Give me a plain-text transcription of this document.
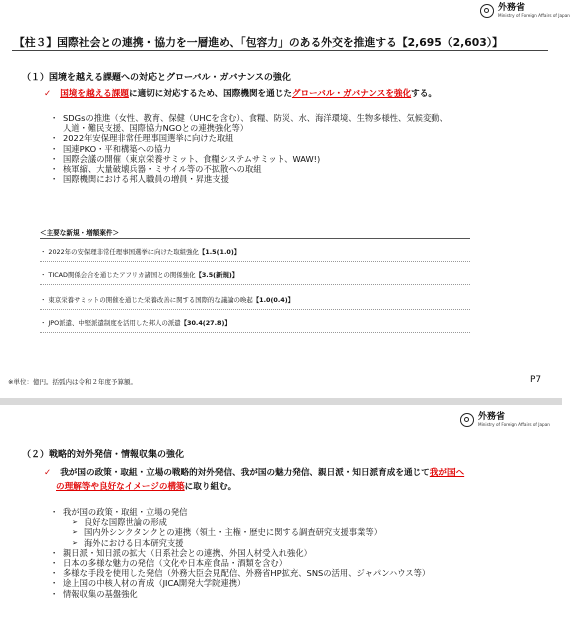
外務省
Ministry of Foreign Affairs of Japan
【柱３】国際社会との連携・協力を一層進め、「包容力」のある外交を推進する【2,695（2,603）】
（１）国境を越える課題への対応とグローバル・ガバナンスの強化
✓ 国境を越える課題に適切に対応するため、国際機関を通じたグローバル・ガバナンスを強化する。
・ SDGsの推進（女性、教育、保健（UHCを含む）、食糧、防災、水、海洋環境、生物多様性、気候変動、
人道・難民支援、国際協力NGOとの連携強化等）
・ 2022年安保理非常任理事国選挙に向けた取組
・ 国連PKO・平和構築への協力
・ 国際会議の開催（東京栄養サミット、食糧システムサミット、WAW!)
・ 核軍縮、大量破壊兵器・ミサイル等の不拡散への取組
・ 国際機関における邦人職員の増員・昇進支援
＜主要な新規・増額案件＞
・ 2022年の安保理非常任理事国選挙に向けた取組強化【1.5(1.0)】
・ TICAD関係会合を通じたアフリカ諸国との関係強化【3.5(新規)】
・ 東京栄養サミットの開催を通じた栄養改善に関する国際的な議論の喚起【1.0(0.4)】
・ JPO派遣、中堅派遣制度を活用した邦人の派遣【30.4(27.8)】
※単位：億円。括弧内は令和２年度予算額。	P7
外務省
Ministry of Foreign Affairs of Japan
（２）戦略的対外発信・情報収集の強化
✓ 我が国の政策・取組・立場の戦略的対外発信、我が国の魅力発信、親日派・知日派育成を通じて我が国へ
の理解等や良好なイメージの構築に取り組む。
・ 我が国の政策・取組・立場の発信
➢ 良好な国際世論の形成
➢ 国内外シンクタンクとの連携（領土・主権・歴史に関する調査研究支援事業等）
➢ 海外における日本研究支援
・ 親日派・知日派の拡大（日系社会との連携、外国人材受入れ強化）
・ 日本の多様な魅力の発信（文化や日本産食品・酒類を含む）
・ 多様な手段を使用した発信（外務大臣会見配信、外務省HP拡充、SNSの活用、ジャパンハウス等）
・ 途上国の中核人材の育成（JICA開発大学院連携）
・ 情報収集の基盤強化
